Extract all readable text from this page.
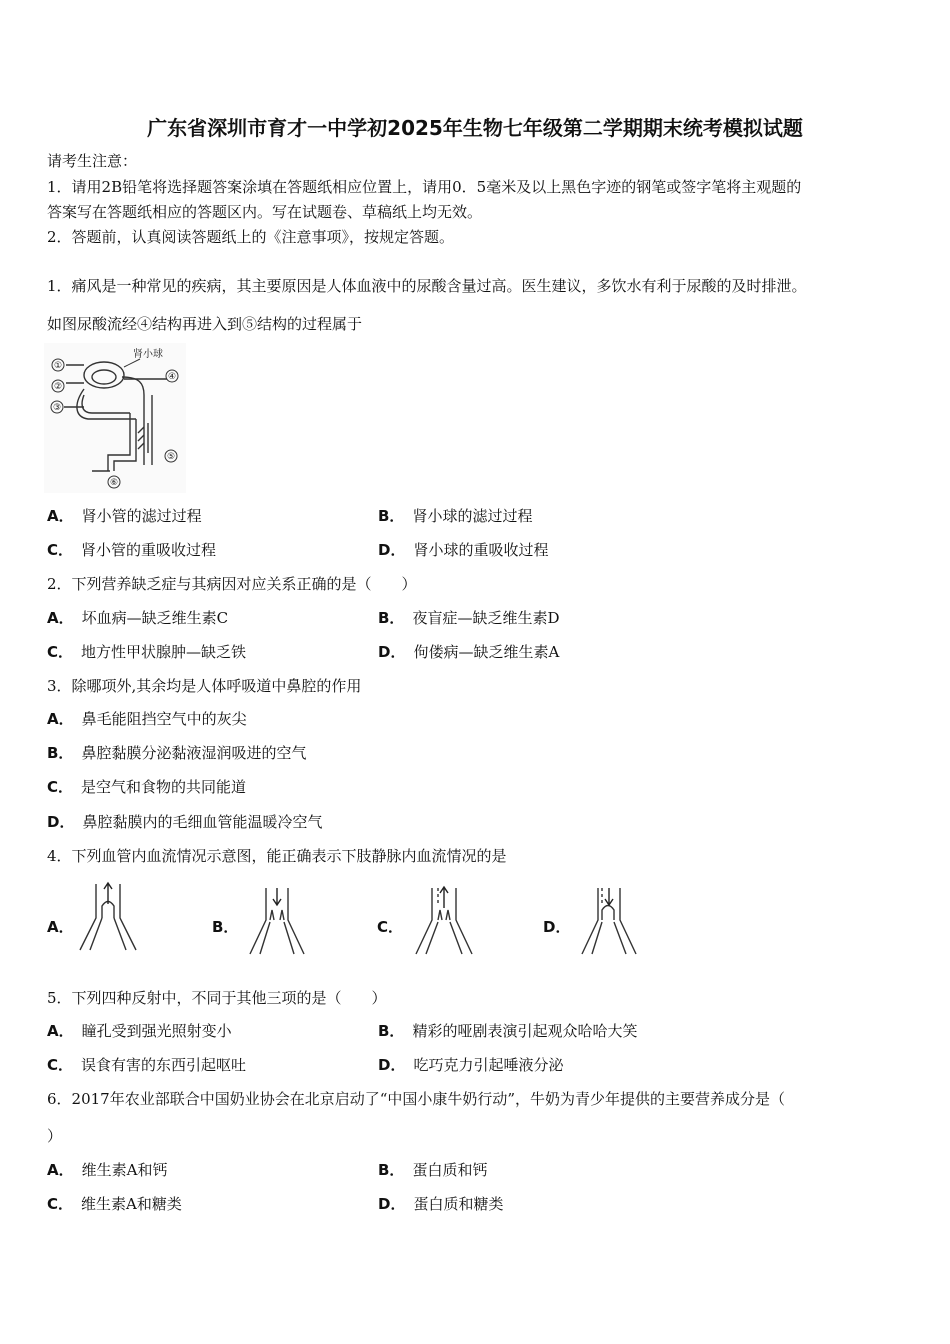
广东省深圳市育才一中学初2025年生物七年级第二学期期末统考模拟试题
请考生注意：
1．请用2B铅笔将选择题答案涂填在答题纸相应位置上，请用0．5毫米及以上黑色字迹的钢笔或签字笔将主观题的
答案写在答题纸相应的答题区内。写在试题卷、草稿纸上均无效。
2．答题前，认真阅读答题纸上的《注意事项》，按规定答题。
1．痛风是一种常见的疾病，其主要原因是人体血液中的尿酸含量过高。医生建议，多饮水有利于尿酸的及时排泄。
如图尿酸流经④结构再进入到⑤结构的过程属于
①
②
③
④
⑤
⑥
肾小球
A． 肾小管的滤过过程	B． 肾小球的滤过过程
C． 肾小管的重吸收过程	D． 肾小球的重吸收过程
2．下列营养缺乏症与其病因对应关系正确的是（　　）
A． 坏血病—缺乏维生素C	B． 夜盲症—缺乏维生素D
C． 地方性甲状腺肿—缺乏铁	D． 佝偻病—缺乏维生素A
3．除哪项外,其余均是人体呼吸道中鼻腔的作用
A． 鼻毛能阻挡空气中的灰尖
B． 鼻腔黏膜分泌黏液湿润吸进的空气
C． 是空气和食物的共同能道
D． 鼻腔黏膜内的毛细血管能温暖冷空气
4．下列血管内血流情况示意图，能正确表示下肢静脉内血流情况的是
A．	B．	C．	D．
5．下列四种反射中，不同于其他三项的是（　　）
A． 瞳孔受到强光照射变小	B． 精彩的哑剧表演引起观众哈哈大笑
C． 误食有害的东西引起呕吐	D． 吃巧克力引起唾液分泌
6．2017年农业部联合中国奶业协会在北京启动了“中国小康牛奶行动”，牛奶为青少年提供的主要营养成分是（
）
A． 维生素A和钙	B． 蛋白质和钙
C． 维生素A和糖类	D． 蛋白质和糖类
